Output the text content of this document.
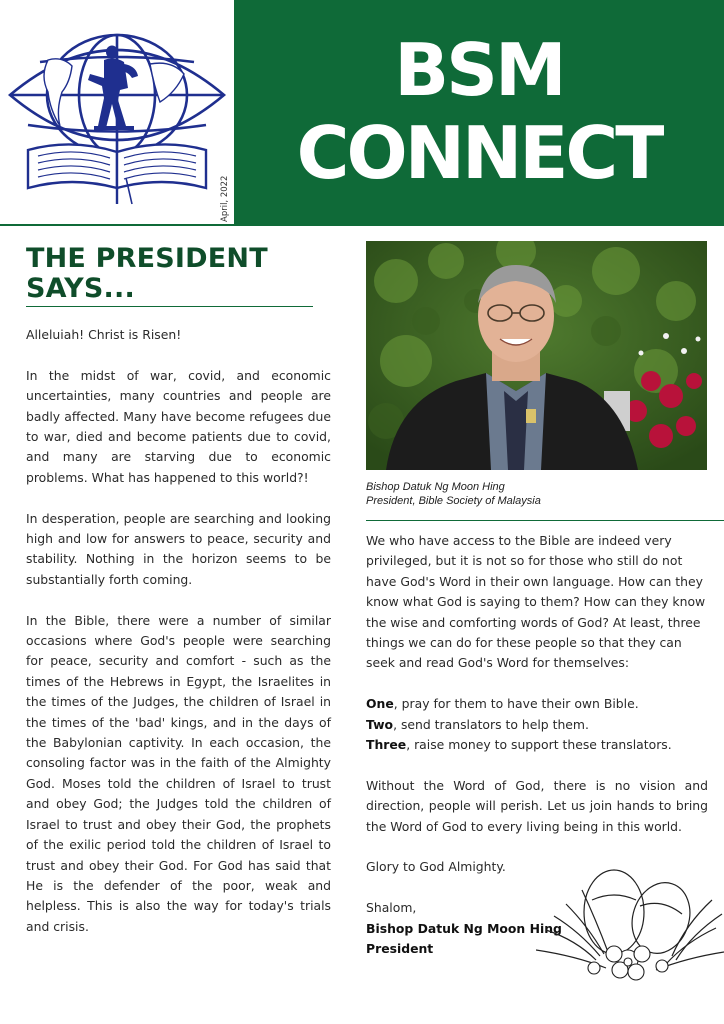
April, 2022
BSM
CONNECT
THE PRESIDENT
SAYS...

Alleluiah! Christ is Risen!

In the midst of war, covid, and economic uncertainties, many countries and people are badly affected. Many have become refugees due to war, died and become patients due to covid, and many are starving due to economic problems. What has happened to this world?!

In desperation, people are searching and looking high and low for answers to peace, security and stability. Nothing in the horizon seems to be substantially forth coming.

In the Bible, there were a number of similar occasions where God's people were searching for peace, security and comfort - such as the times of the Hebrews in Egypt, the Israelites in the times of the Judges, the children of Israel in the times of the 'bad' kings, and in the days of the Babylonian captivity. In each occasion, the consoling factor was in the faith of the Almighty God. Moses told the children of Israel to trust and obey God; the Judges told the children of Israel to trust and obey their God, the prophets of the exilic period told the children of Israel to trust and obey their God. For God has said that He is the defender of the poor, weak and helpless. This is also the way for today's trials and crisis.

Bishop Datuk Ng Moon Hing
President, Bible Society of Malaysia

We who have access to the Bible are indeed very privileged, but it is not so for those who still do not have God's Word in their own language. How can they know what God is saying to them? How can they know the wise and comforting words of God? At least, three things we can do for these people so that they can seek and read God's Word for themselves:

One, pray for them to have their own Bible.

Two, send translators to help them.

Three, raise money to support these translators.

Without the Word of God, there is no vision and direction, people will perish. Let us join hands to bring the Word of God to every living being in this world.

Glory to God Almighty.

Shalom,

Bishop Datuk Ng Moon Hing

President
